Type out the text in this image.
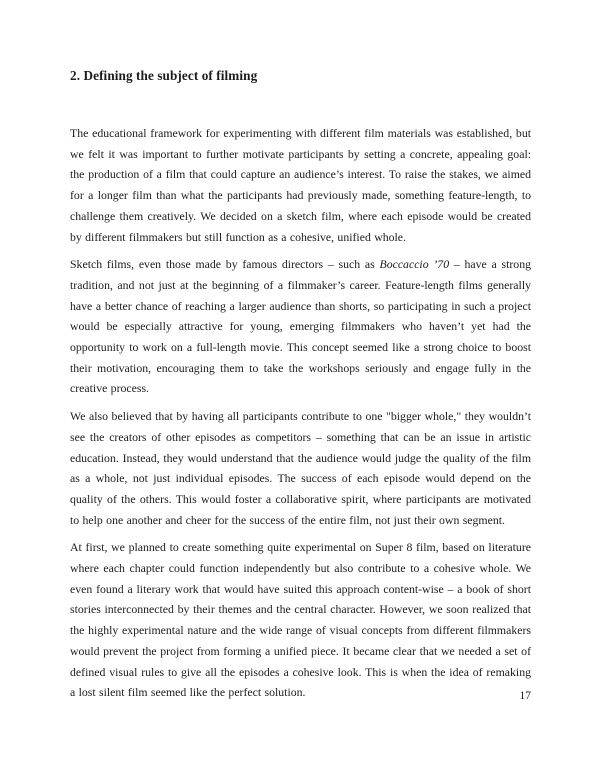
2. Defining the subject of filming

The educational framework for experimenting with different film materials was established, but we felt it was important to further motivate participants by setting a concrete, appealing goal: the production of a film that could capture an audience’s interest. To raise the stakes, we aimed for a longer film than what the participants had previously made, something feature-length, to challenge them creatively. We decided on a sketch film, where each episode would be created by different filmmakers but still function as a cohesive, unified whole.

Sketch films, even those made by famous directors – such as Boccaccio ’70 – have a strong tradition, and not just at the beginning of a filmmaker’s career. Feature-length films generally have a better chance of reaching a larger audience than shorts, so participating in such a project would be especially attractive for young, emerging filmmakers who haven’t yet had the opportunity to work on a full-length movie. This concept seemed like a strong choice to boost their motivation, encouraging them to take the workshops seriously and engage fully in the creative process.

We also believed that by having all participants contribute to one "bigger whole," they wouldn’t see the creators of other episodes as competitors – something that can be an issue in artistic education. Instead, they would understand that the audience would judge the quality of the film as a whole, not just individual episodes. The success of each episode would depend on the quality of the others. This would foster a collaborative spirit, where participants are motivated to help one another and cheer for the success of the entire film, not just their own segment.

At first, we planned to create something quite experimental on Super 8 film, based on literature where each chapter could function independently but also contribute to a cohesive whole. We even found a literary work that would have suited this approach content-wise – a book of short stories interconnected by their themes and the central character. However, we soon realized that the highly experimental nature and the wide range of visual concepts from different filmmakers would prevent the project from forming a unified piece. It became clear that we needed a set of defined visual rules to give all the episodes a cohesive look. This is when the idea of remaking a lost silent film seemed like the perfect solution.	17
